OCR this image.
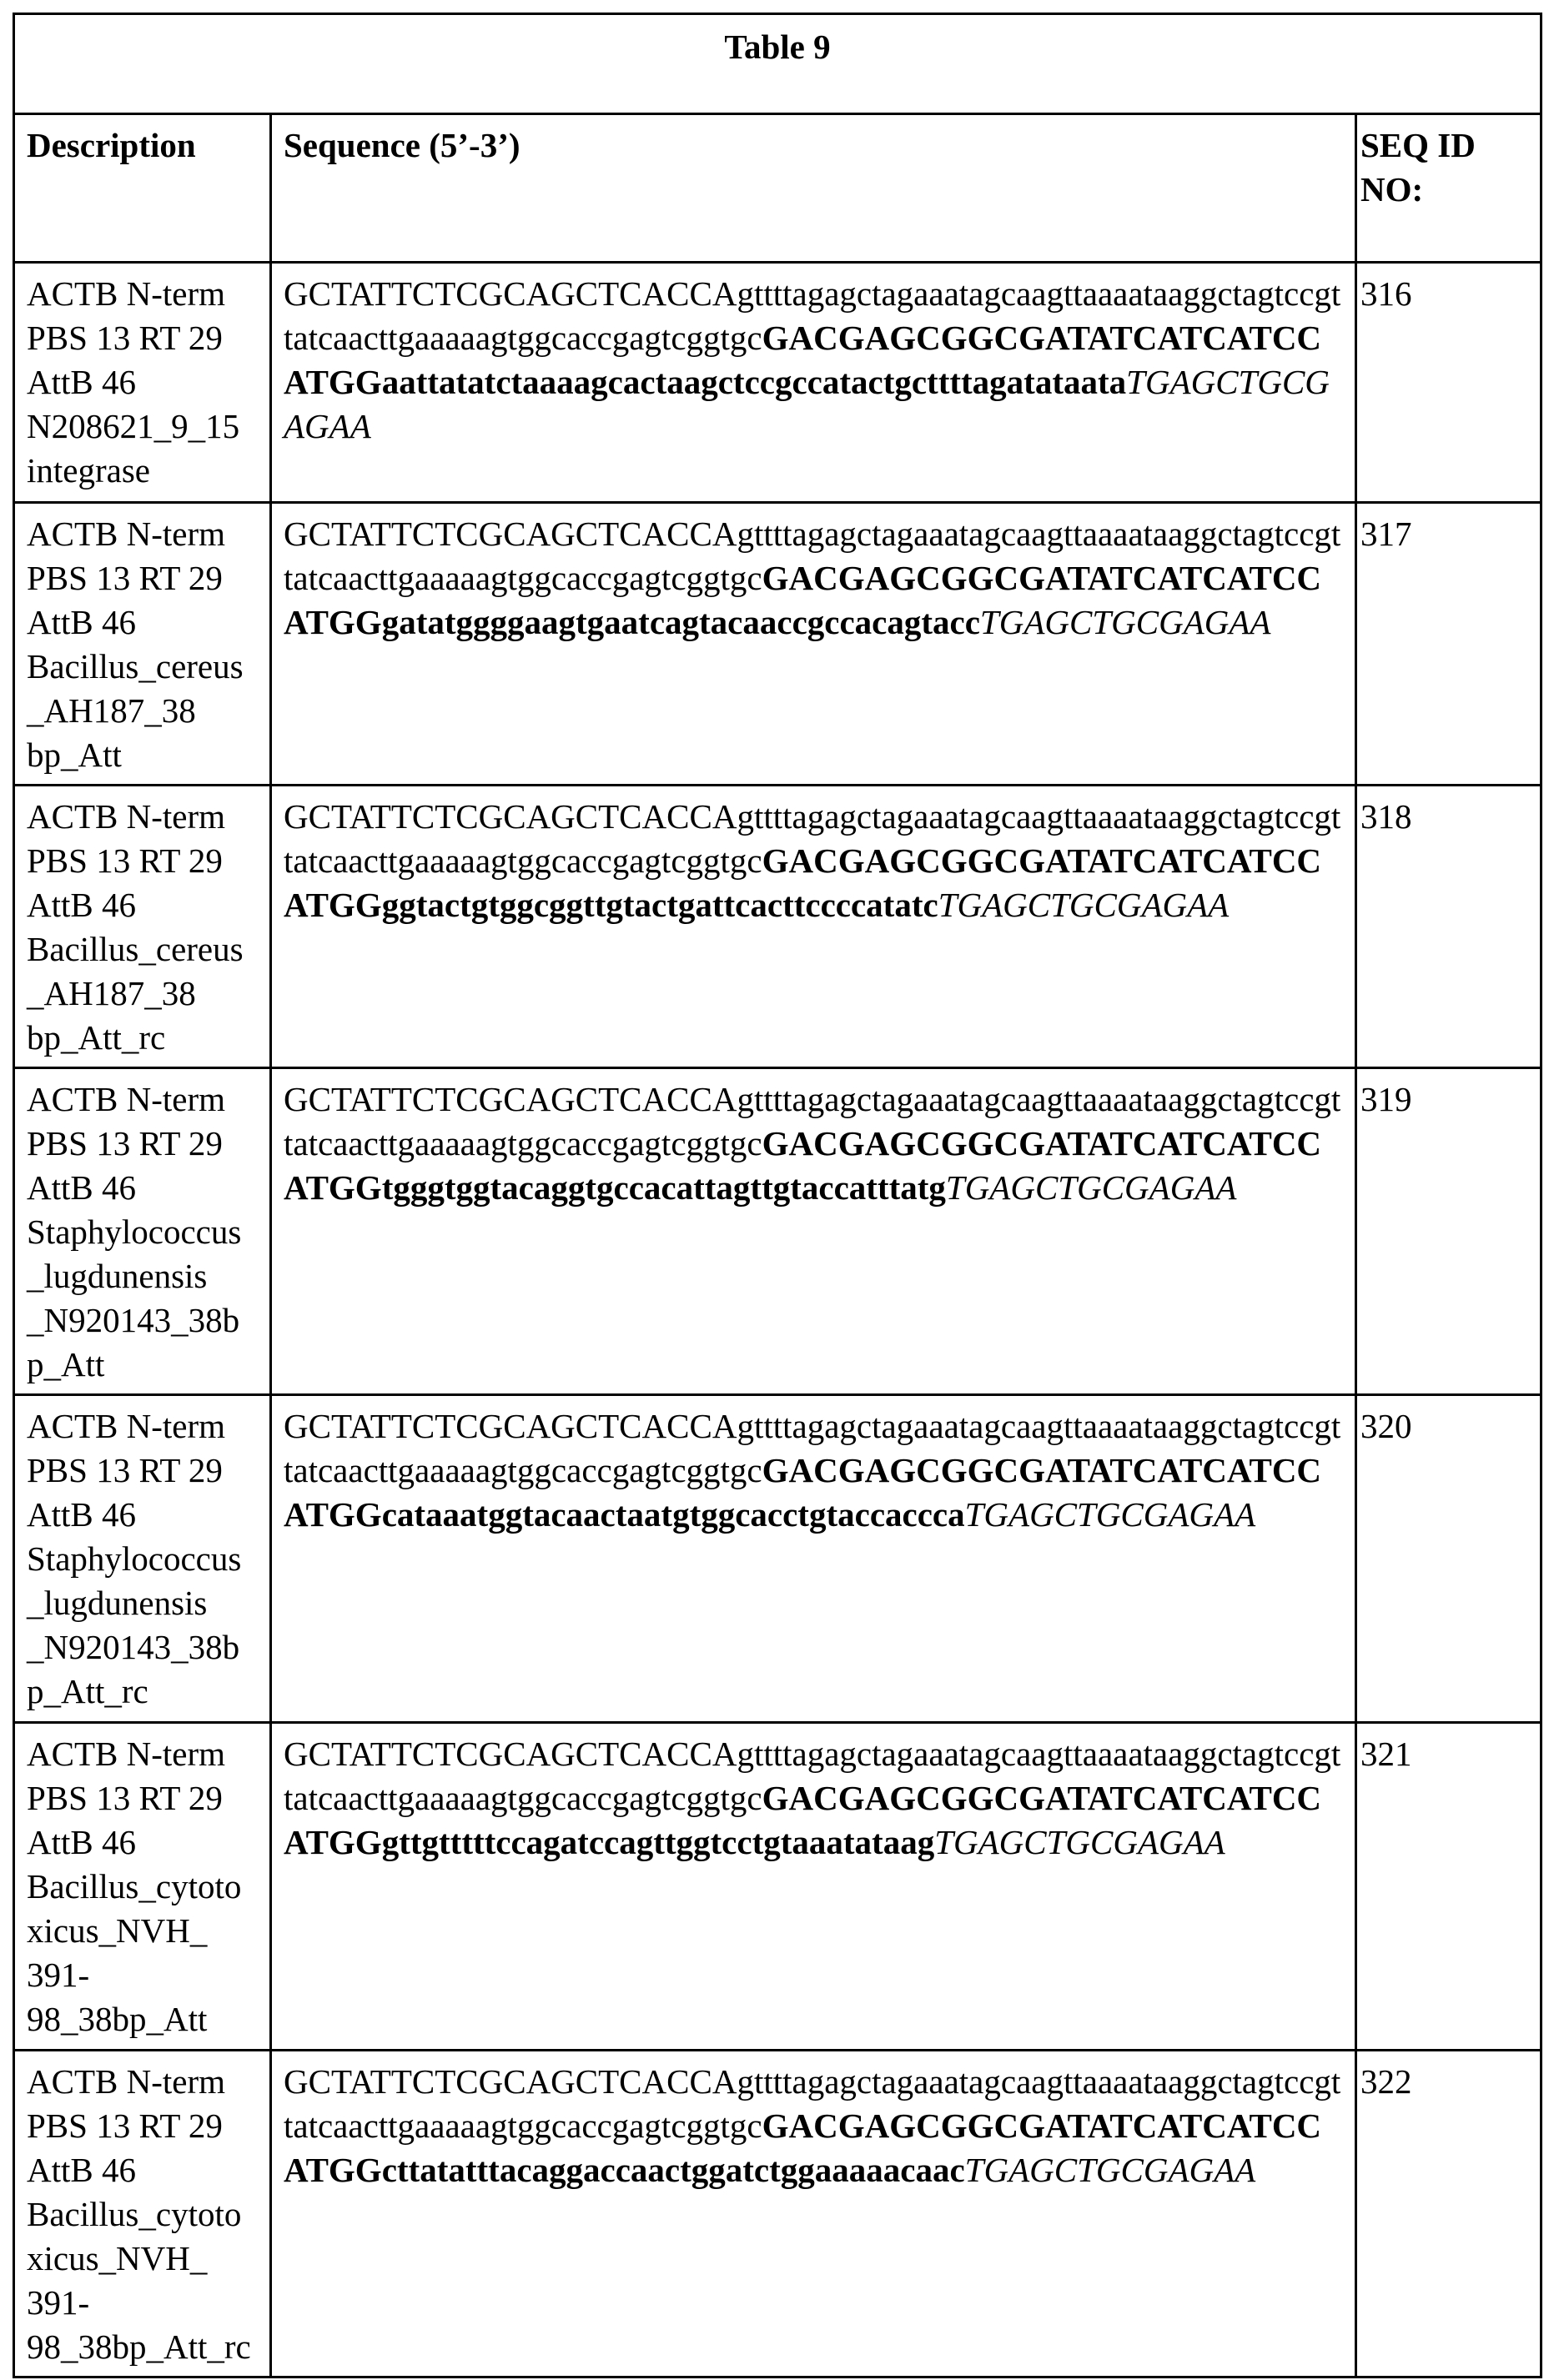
Table 9
Description	Sequence (5’-3’)	SEQ ID
NO:
ACTB N-term
PBS 13 RT 29
AttB 46
N208621_9_15
integrase	GCTATTCTCGCAGCTCACCAgttttagagctagaaatagcaagttaaaataaggctagtccgttatcaacttgaaaaagtggcaccgagtcggtgcGACGAGCGGCGATATCATCATCCATGGaattatatctaaaagcactaagctccgccatactgcttttagatataataTGAGCTGCGAGAA	316
ACTB N-term
PBS 13 RT 29
AttB 46
Bacillus_cereus
_AH187_38
bp_Att	GCTATTCTCGCAGCTCACCAgttttagagctagaaatagcaagttaaaataaggctagtccgttatcaacttgaaaaagtggcaccgagtcggtgcGACGAGCGGCGATATCATCATCCATGGgatatggggaagtgaatcagtacaaccgccacagtaccTGAGCTGCGAGAA	317
ACTB N-term
PBS 13 RT 29
AttB 46
Bacillus_cereus
_AH187_38
bp_Att_rc	GCTATTCTCGCAGCTCACCAgttttagagctagaaatagcaagttaaaataaggctagtccgttatcaacttgaaaaagtggcaccgagtcggtgcGACGAGCGGCGATATCATCATCCATGGggtactgtggcggttgtactgattcacttccccatatcTGAGCTGCGAGAA	318
ACTB N-term
PBS 13 RT 29
AttB 46
Staphylococcus
_lugdunensis
_N920143_38b
p_Att	GCTATTCTCGCAGCTCACCAgttttagagctagaaatagcaagttaaaataaggctagtccgttatcaacttgaaaaagtggcaccgagtcggtgcGACGAGCGGCGATATCATCATCCATGGtgggtggtacaggtgccacattagttgtaccatttatgTGAGCTGCGAGAA	319
ACTB N-term
PBS 13 RT 29
AttB 46
Staphylococcus
_lugdunensis
_N920143_38b
p_Att_rc	GCTATTCTCGCAGCTCACCAgttttagagctagaaatagcaagttaaaataaggctagtccgttatcaacttgaaaaagtggcaccgagtcggtgcGACGAGCGGCGATATCATCATCCATGGcataaatggtacaactaatgtggcacctgtaccacccaTGAGCTGCGAGAA	320
ACTB N-term
PBS 13 RT 29
AttB 46
Bacillus_cytoto
xicus_NVH_
391-
98_38bp_Att	GCTATTCTCGCAGCTCACCAgttttagagctagaaatagcaagttaaaataaggctagtccgttatcaacttgaaaaagtggcaccgagtcggtgcGACGAGCGGCGATATCATCATCCATGGgttgtttttccagatccagttggtcctgtaaatataagTGAGCTGCGAGAA	321
ACTB N-term
PBS 13 RT 29
AttB 46
Bacillus_cytoto
xicus_NVH_
391-
98_38bp_Att_rc	GCTATTCTCGCAGCTCACCAgttttagagctagaaatagcaagttaaaataaggctagtccgttatcaacttgaaaaagtggcaccgagtcggtgcGACGAGCGGCGATATCATCATCCATGGcttatatttacaggaccaactggatctggaaaaacaacTGAGCTGCGAGAA	322
